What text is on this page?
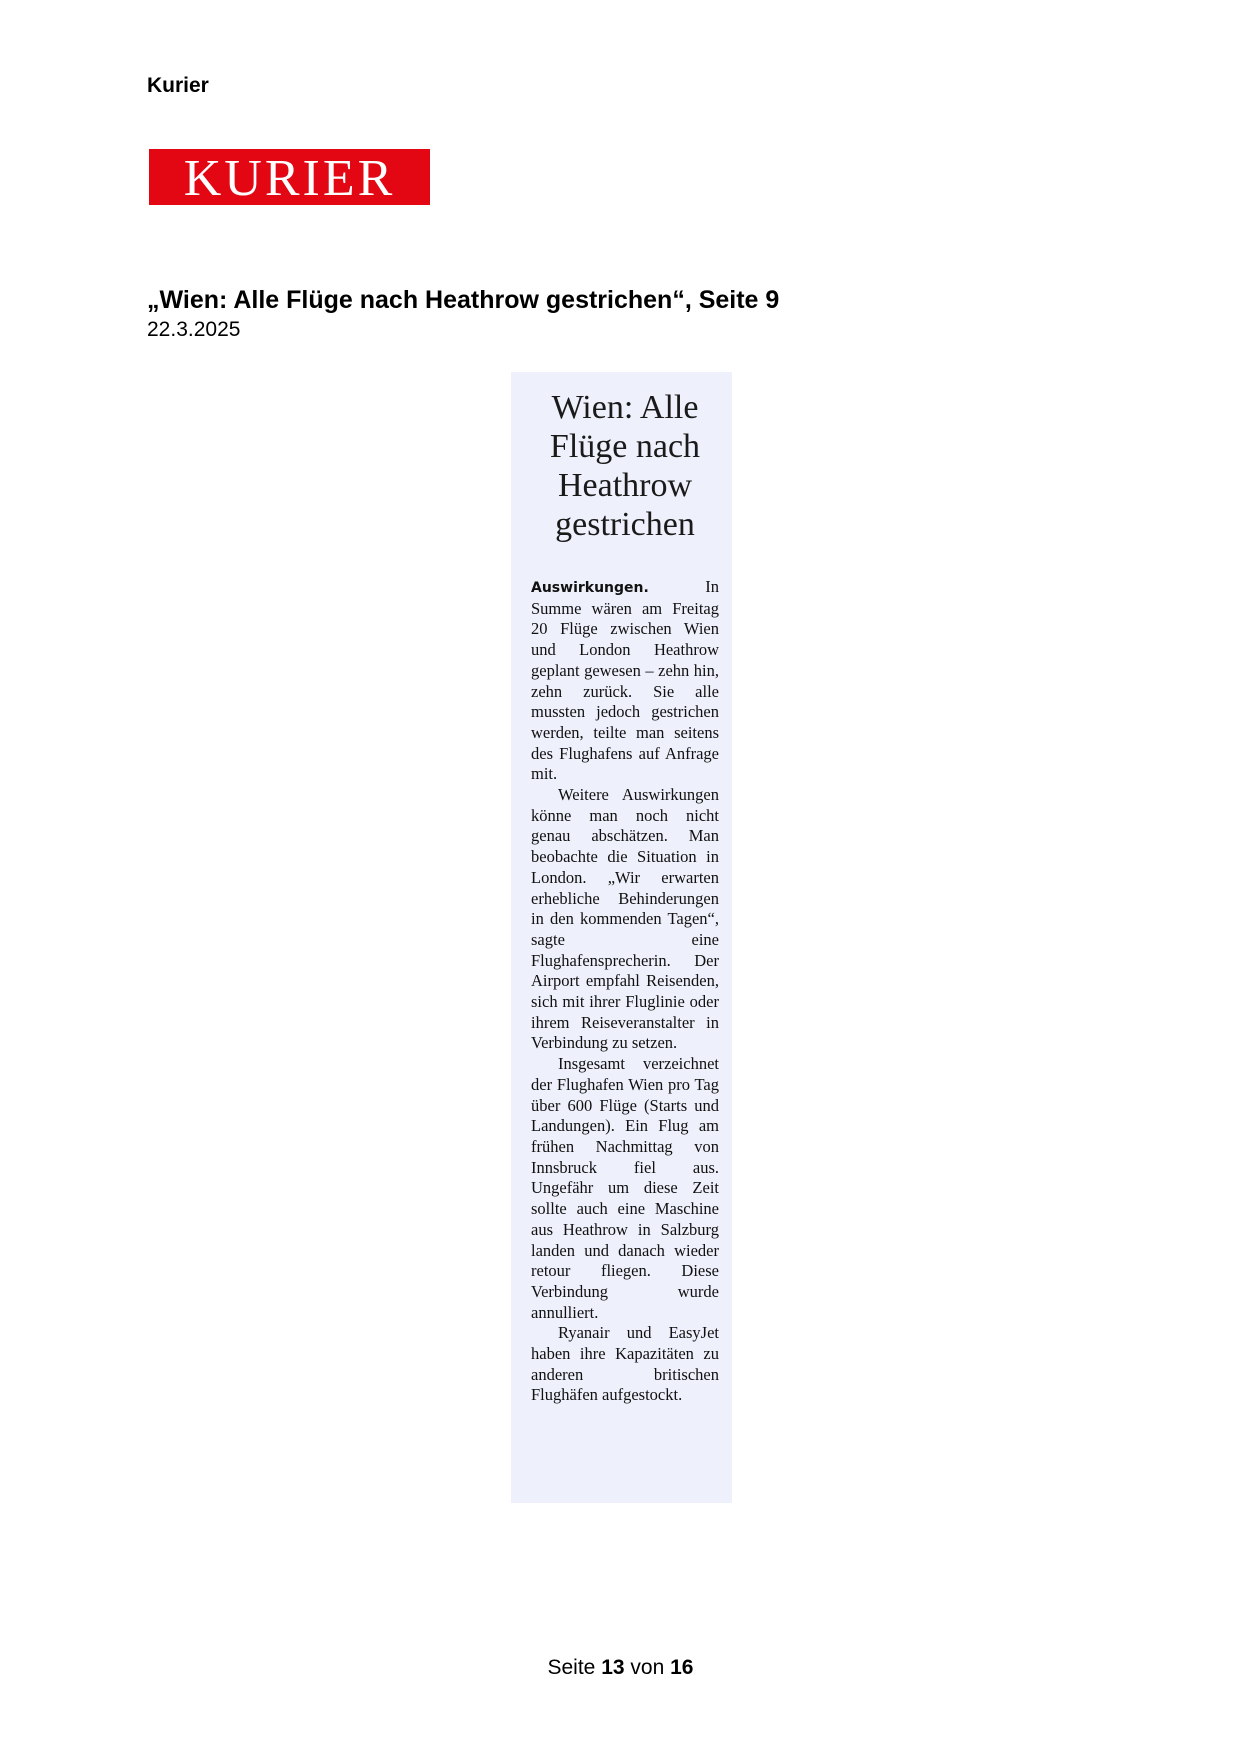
Kurier
KURIER
„Wien: Alle Flüge nach Heathrow gestrichen“, Seite 9
22.3.2025
Wien: Alle
Flüge nach
Heathrow
gestrichen

Auswirkungen. In Summe wären am Freitag 20 Flüge zwischen Wien und London Heathrow geplant gewesen – zehn hin, zehn zurück. Sie alle mussten jedoch gestrichen werden, teilte man seitens des Flughafens auf Anfrage mit.

Weitere Auswirkungen könne man noch nicht genau abschätzen. Man beobachte die Situation in London. „Wir erwarten erhebliche Behinderungen in den kommenden Tagen“, sagte eine Flughafensprecherin. Der Airport empfahl Reisenden, sich mit ihrer Fluglinie oder ihrem Reiseveranstalter in Verbindung zu setzen.

Insgesamt verzeichnet der Flughafen Wien pro Tag über 600 Flüge (Starts und Landungen). Ein Flug am frühen Nachmittag von Innsbruck fiel aus. Ungefähr um diese Zeit sollte auch eine Maschine aus Heathrow in Salzburg landen und danach wieder retour fliegen. Diese Verbindung wurde annulliert.

Ryanair und EasyJet haben ihre Kapazitäten zu anderen britischen Flughäfen aufgestockt.

Seite 13 von 16
